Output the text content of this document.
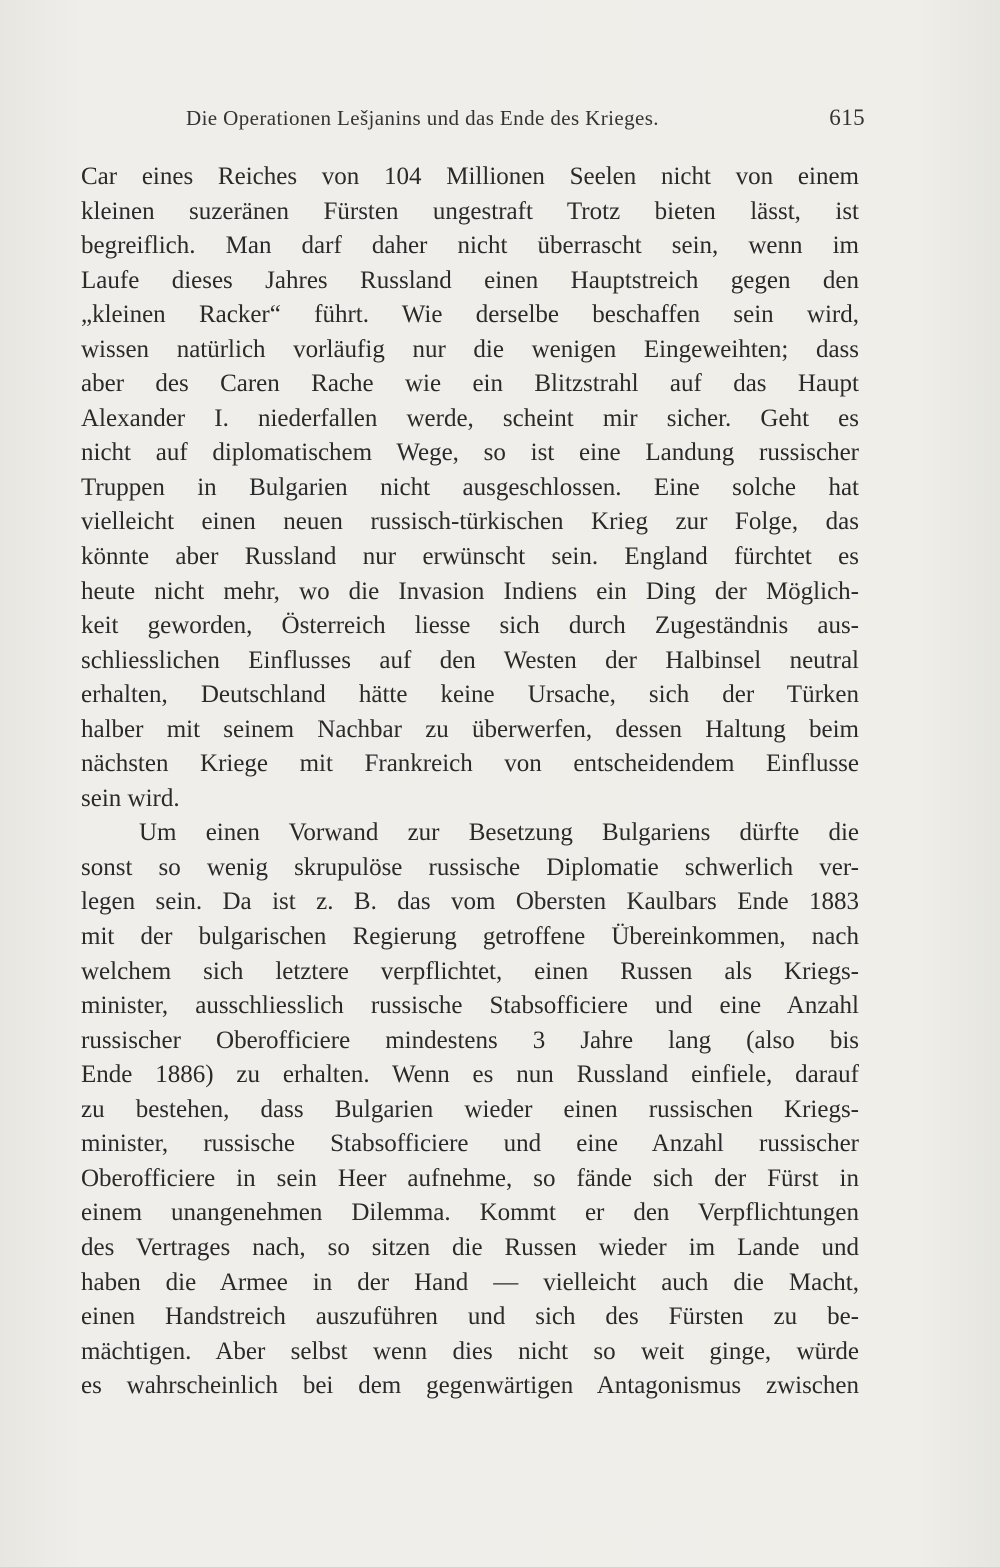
Die Operationen Lešjanins und das Ende des Krieges.	615
Car eines Reiches von 104 Millionen Seelen nicht von einem
kleinen suzeränen Fürsten ungestraft Trotz bieten lässt, ist
begreiflich. Man darf daher nicht überrascht sein, wenn im
Laufe dieses Jahres Russland einen Hauptstreich gegen den
„kleinen Racker“ führt. Wie derselbe beschaffen sein wird,
wissen natürlich vorläufig nur die wenigen Eingeweihten; dass
aber des Caren Rache wie ein Blitzstrahl auf das Haupt
Alexander I. niederfallen werde, scheint mir sicher. Geht es
nicht auf diplomatischem Wege, so ist eine Landung russischer
Truppen in Bulgarien nicht ausgeschlossen. Eine solche hat
vielleicht einen neuen russisch-türkischen Krieg zur Folge, das
könnte aber Russland nur erwünscht sein. England fürchtet es
heute nicht mehr, wo die Invasion Indiens ein Ding der Möglich-
keit geworden, Österreich liesse sich durch Zugeständnis aus-
schliesslichen Einflusses auf den Westen der Halbinsel neutral
erhalten, Deutschland hätte keine Ursache, sich der Türken
halber mit seinem Nachbar zu überwerfen, dessen Haltung beim
nächsten Kriege mit Frankreich von entscheidendem Einflusse
sein wird.
Um einen Vorwand zur Besetzung Bulgariens dürfte die
sonst so wenig skrupulöse russische Diplomatie schwerlich ver-
legen sein. Da ist z. B. das vom Obersten Kaulbars Ende 1883
mit der bulgarischen Regierung getroffene Übereinkommen, nach
welchem sich letztere verpflichtet, einen Russen als Kriegs-
minister, ausschliesslich russische Stabsofficiere und eine Anzahl
russischer Oberofficiere mindestens 3 Jahre lang (also bis
Ende 1886) zu erhalten. Wenn es nun Russland einfiele, darauf
zu bestehen, dass Bulgarien wieder einen russischen Kriegs-
minister, russische Stabsofficiere und eine Anzahl russischer
Oberofficiere in sein Heer aufnehme, so fände sich der Fürst in
einem unangenehmen Dilemma. Kommt er den Verpflichtungen
des Vertrages nach, so sitzen die Russen wieder im Lande und
haben die Armee in der Hand — vielleicht auch die Macht,
einen Handstreich auszuführen und sich des Fürsten zu be-
mächtigen. Aber selbst wenn dies nicht so weit ginge, würde
es wahrscheinlich bei dem gegenwärtigen Antagonismus zwischen
